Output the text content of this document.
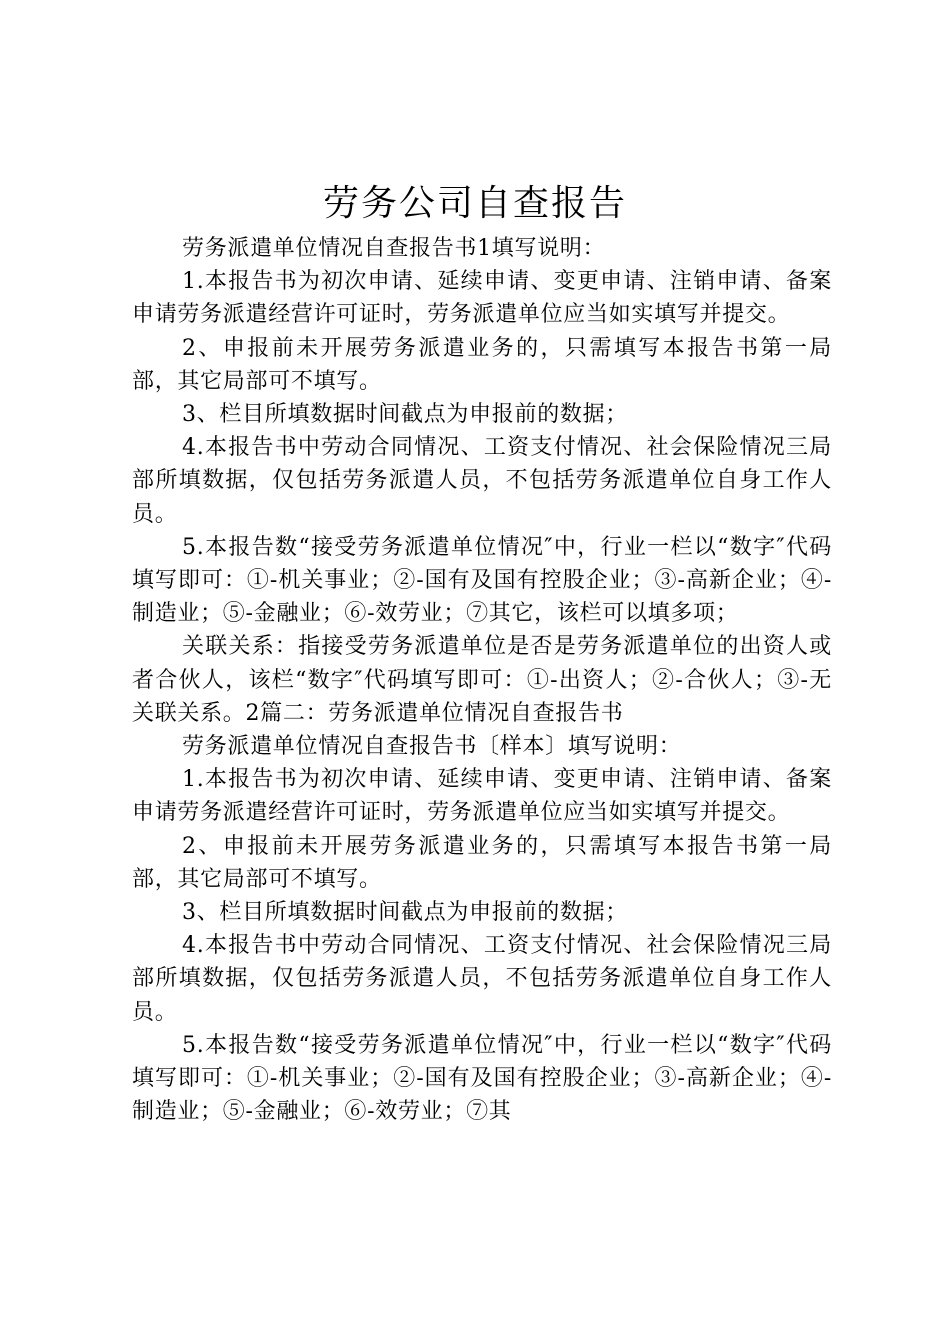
劳务公司自查报告

劳务派遣单位情况自查报告书1填写说明：

1.本报告书为初次申请、延续申请、变更申请、注销申请、备案申请劳务派遣经营许可证时，劳务派遣单位应当如实填写并提交。

2、申报前未开展劳务派遣业务的，只需填写本报告书第一局部，其它局部可不填写。

3、栏目所填数据时间截点为申报前的数据；

4.本报告书中劳动合同情况、工资支付情况、社会保险情况三局部所填数据，仅包括劳务派遣人员，不包括劳务派遣单位自身工作人员。

5.本报告数“接受劳务派遣单位情况″中，行业一栏以“数字″代码填写即可：①-机关事业；②-国有及国有控股企业；③-高新企业；④-制造业；⑤-金融业；⑥-效劳业；⑦其它，该栏可以填多项；

关联关系：指接受劳务派遣单位是否是劳务派遣单位的出资人或者合伙人，该栏“数字″代码填写即可：①-出资人；②-合伙人；③-无关联关系。2篇二：劳务派遣单位情况自查报告书

劳务派遣单位情况自查报告书〔样本〕填写说明：

1.本报告书为初次申请、延续申请、变更申请、注销申请、备案申请劳务派遣经营许可证时，劳务派遣单位应当如实填写并提交。

2、申报前未开展劳务派遣业务的，只需填写本报告书第一局部，其它局部可不填写。

3、栏目所填数据时间截点为申报前的数据；

4.本报告书中劳动合同情况、工资支付情况、社会保险情况三局部所填数据，仅包括劳务派遣人员，不包括劳务派遣单位自身工作人员。

5.本报告数“接受劳务派遣单位情况″中，行业一栏以“数字″代码填写即可：①-机关事业；②-国有及国有控股企业；③-高新企业；④-制造业；⑤-金融业；⑥-效劳业；⑦其
